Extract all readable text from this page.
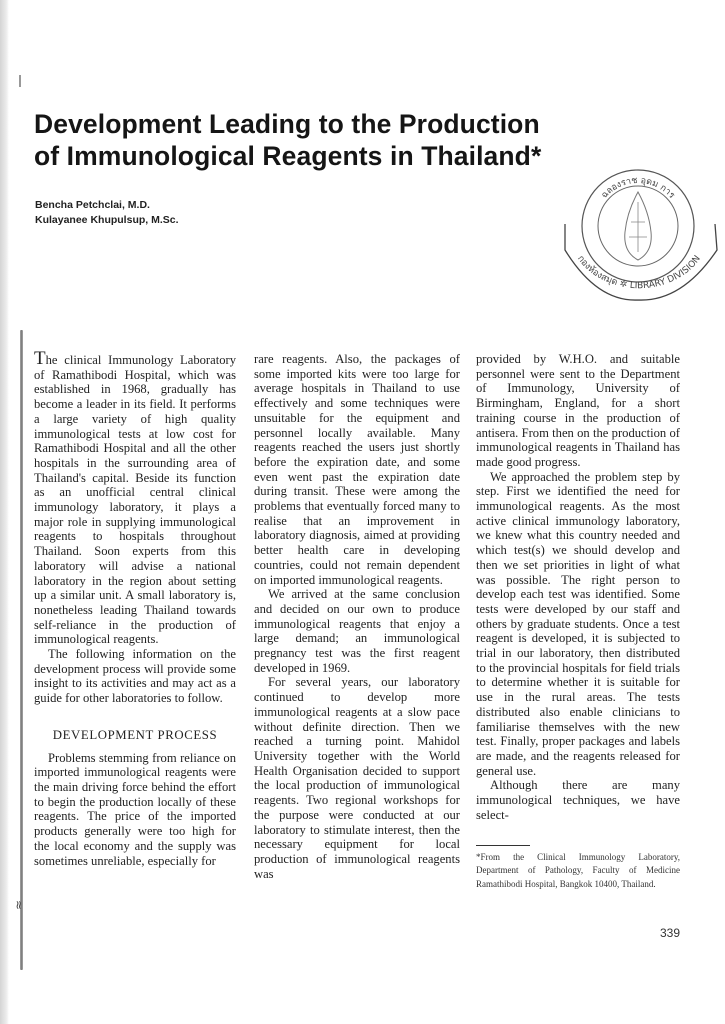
≈
Development Leading to the Production
of Immunological Reagents in Thailand*
Bencha Petchclai, M.D.
Kulayanee Khupulsup, M.Sc.
ฉลองราช อุดม การ
กองห้องสมุด ✲ LIBRARY DIVISION

The clinical Immunology Laboratory of Ramathibodi Hospital, which was established in 1968, gradually has become a leader in its field. It performs a large variety of high quality immunological tests at low cost for Ramathibodi Hospital and all the other hospitals in the surrounding area of Thailand's capital. Beside its function as an unofficial central clinical immunology laboratory, it plays a major role in supplying immunological reagents to hospitals throughout Thailand. Soon experts from this laboratory will advise a national laboratory in the region about setting up a similar unit. A small laboratory is, nonetheless leading Thailand towards self-reliance in the production of immunological reagents.

The following information on the development process will provide some insight to its activities and may act as a guide for other laboratories to follow.

DEVELOPMENT PROCESS

Problems stemming from reliance on imported immunological reagents were the main driving force behind the effort to begin the production locally of these reagents. The price of the imported products generally were too high for the local economy and the supply was sometimes unreliable, especially for

rare reagents. Also, the packages of some imported kits were too large for average hospitals in Thailand to use effectively and some techniques were unsuitable for the equipment and personnel locally available. Many reagents reached the users just shortly before the expiration date, and some even went past the expiration date during transit. These were among the problems that eventually forced many to realise that an improvement in laboratory diagnosis, aimed at providing better health care in developing countries, could not remain dependent on imported immunological reagents.

We arrived at the same conclusion and decided on our own to produce immunological reagents that enjoy a large demand; an immunological pregnancy test was the first reagent developed in 1969.

For several years, our laboratory continued to develop more immunological reagents at a slow pace without definite direction. Then we reached a turning point. Mahidol University together with the World Health Organisation decided to support the local production of immunological reagents. Two regional workshops for the purpose were conducted at our laboratory to stimulate interest, then the necessary equipment for local production of immunological reagents was

provided by W.H.O. and suitable personnel were sent to the Department of Immunology, University of Birmingham, England, for a short training course in the production of antisera. From then on the production of immunological reagents in Thailand has made good progress.

We approached the problem step by step. First we identified the need for immunological reagents. As the most active clinical immunology laboratory, we knew what this country needed and which test(s) we should develop and then we set priorities in light of what was possible. The right person to develop each test was identified. Some tests were developed by our staff and others by graduate students. Once a test reagent is developed, it is subjected to trial in our laboratory, then distributed to the provincial hospitals for field trials to determine whether it is suitable for use in the rural areas. The tests distributed also enable clinicians to familiarise themselves with the new test. Finally, proper packages and labels are made, and the reagents released for general use.

Although there are many immunological techniques, we have select-

*From the Clinical Immunology Laboratory, Department of Pathology, Faculty of Medicine Ramathibodi Hospital, Bangkok 10400, Thailand.
339
